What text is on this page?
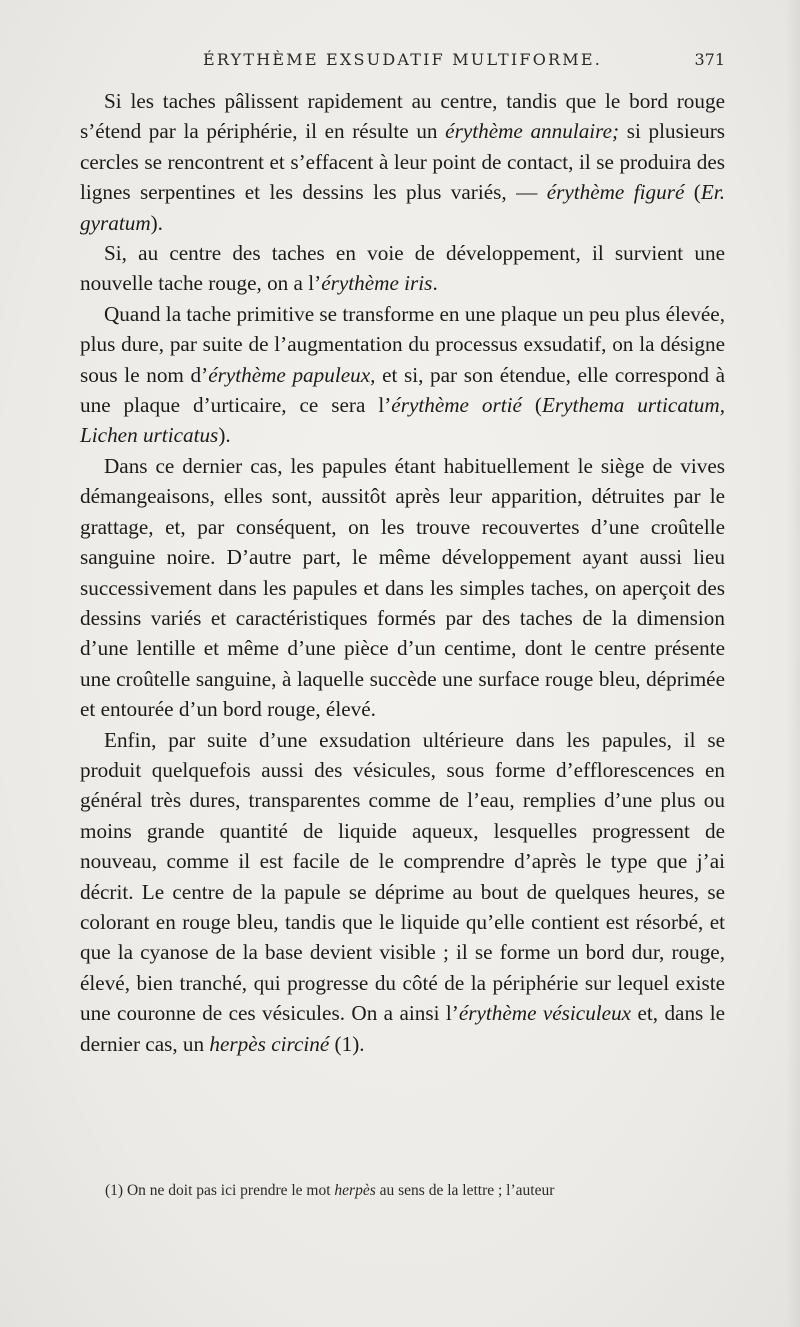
ÉRYTHÈME EXSUDATIF MULTIFORME.	371

Si les taches pâlissent rapidement au centre, tandis que le bord rouge s’étend par la périphérie, il en résulte un érythème annulaire; si plusieurs cercles se rencontrent et s’effacent à leur point de contact, il se produira des lignes serpentines et les dessins les plus variés, — érythème figuré (Er. gyratum).

Si, au centre des taches en voie de développement, il survient une nouvelle tache rouge, on a l’érythème iris.

Quand la tache primitive se transforme en une plaque un peu plus élevée, plus dure, par suite de l’augmentation du processus exsudatif, on la désigne sous le nom d’érythème papuleux, et si, par son étendue, elle correspond à une plaque d’urticaire, ce sera l’érythème ortié (Erythema urticatum, Lichen urticatus).

Dans ce dernier cas, les papules étant habituellement le siège de vives démangeaisons, elles sont, aussitôt après leur apparition, détruites par le grattage, et, par conséquent, on les trouve recouvertes d’une croûtelle sanguine noire. D’autre part, le même développement ayant aussi lieu successivement dans les papules et dans les simples taches, on aperçoit des dessins variés et caractéristiques formés par des taches de la dimension d’une lentille et même d’une pièce d’un centime, dont le centre présente une croûtelle sanguine, à laquelle succède une surface rouge bleu, déprimée et entourée d’un bord rouge, élevé.

Enfin, par suite d’une exsudation ultérieure dans les papules, il se produit quelquefois aussi des vésicules, sous forme d’efflorescences en général très dures, transparentes comme de l’eau, remplies d’une plus ou moins grande quantité de liquide aqueux, lesquelles progressent de nouveau, comme il est facile de le comprendre d’après le type que j’ai décrit. Le centre de la papule se déprime au bout de quelques heures, se colorant en rouge bleu, tandis que le liquide qu’elle contient est résorbé, et que la cyanose de la base devient visible ; il se forme un bord dur, rouge, élevé, bien tranché, qui progresse du côté de la périphérie sur lequel existe une couronne de ces vésicules. On a ainsi l’érythème vésiculeux et, dans le dernier cas, un herpès circiné (1).

(1) On ne doit pas ici prendre le mot herpès au sens de la lettre ; l’auteur
